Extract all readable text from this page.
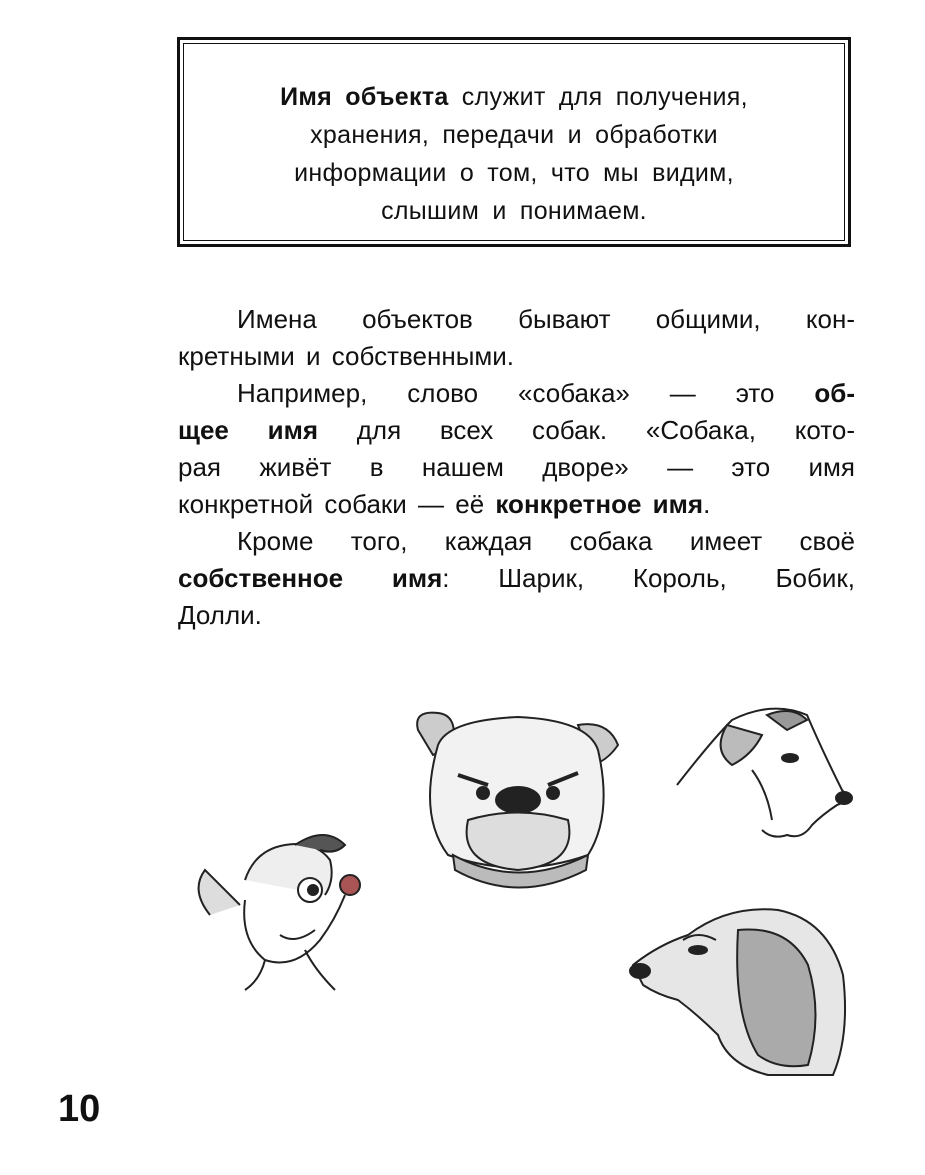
Имя объекта служит для получения,
хранения, передачи и обработки
информации о том, что мы видим,
слышим и понимаем.
Имена объектов бывают общими, кон-
кретными и собственными.
Например, слово «собака» — это об-
щее имя для всех собак. «Собака, кото-
рая живёт в нашем дворе» — это имя
конкретной собаки — её конкретное имя.
Кроме того, каждая собака имеет своё
собственное имя: Шарик, Король, Бобик,
Долли.
10
